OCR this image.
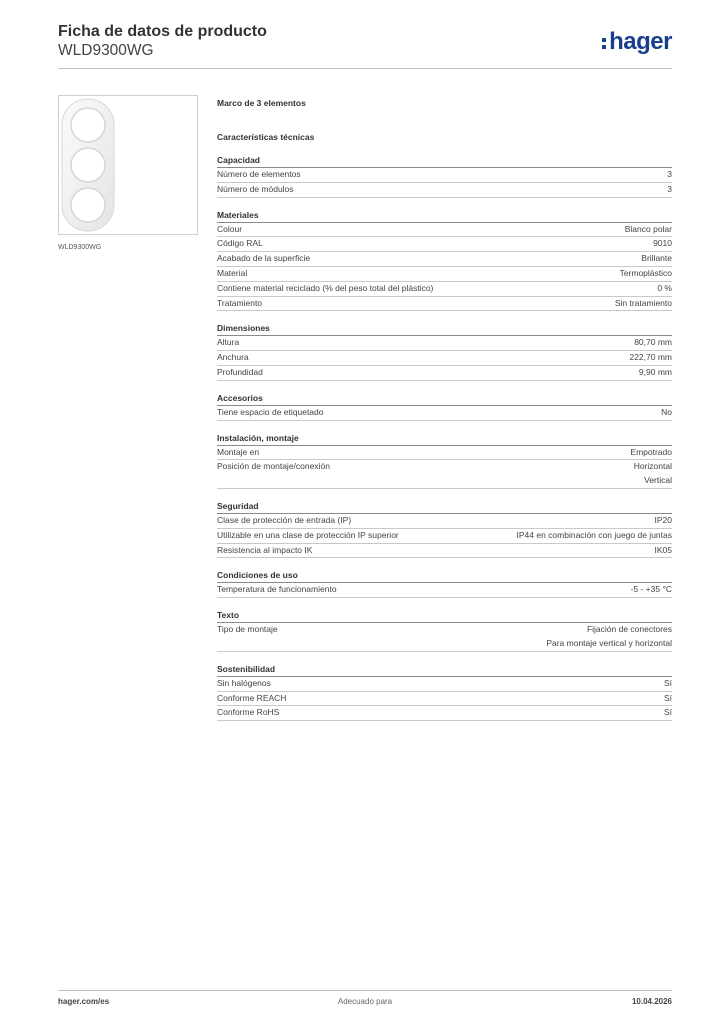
Ficha de datos de producto
WLD9300WG	hager
WLD9300WG
Marco de 3 elementos
Características técnicas
Capacidad
Número de elementos	3
Número de módulos	3
Materiales
Colour	Blanco polar
Código RAL	9010
Acabado de la superficie	Brillante
Material	Termoplástico
Contiene material reciclado (% del peso total del plástico)	0 %
Tratamiento	Sin tratamiento
Dimensiones
Altura	80,70 mm
Anchura	222,70 mm
Profundidad	9,90 mm
Accesorios
Tiene espacio de etiquetado	No
Instalación, montaje
Montaje en	Empotrado
Posición de montaje/conexión	Horizontal
Vertical
Seguridad
Clase de protección de entrada (IP)	IP20
Utilizable en una clase de protección IP superior	IP44 en combinación con juego de juntas
Resistencia al impacto IK	IK05
Condiciones de uso
Temperatura de funcionamiento	-5 - +35 °C
Texto
Tipo de montaje	Fijación de conectores
Para montaje vertical y horizontal
Sostenibilidad
Sin halógenos	Sí
Conforme REACH	Sí
Conforme RoHS	Sí
hager.com/es	Adecuado para	10.04.2026
